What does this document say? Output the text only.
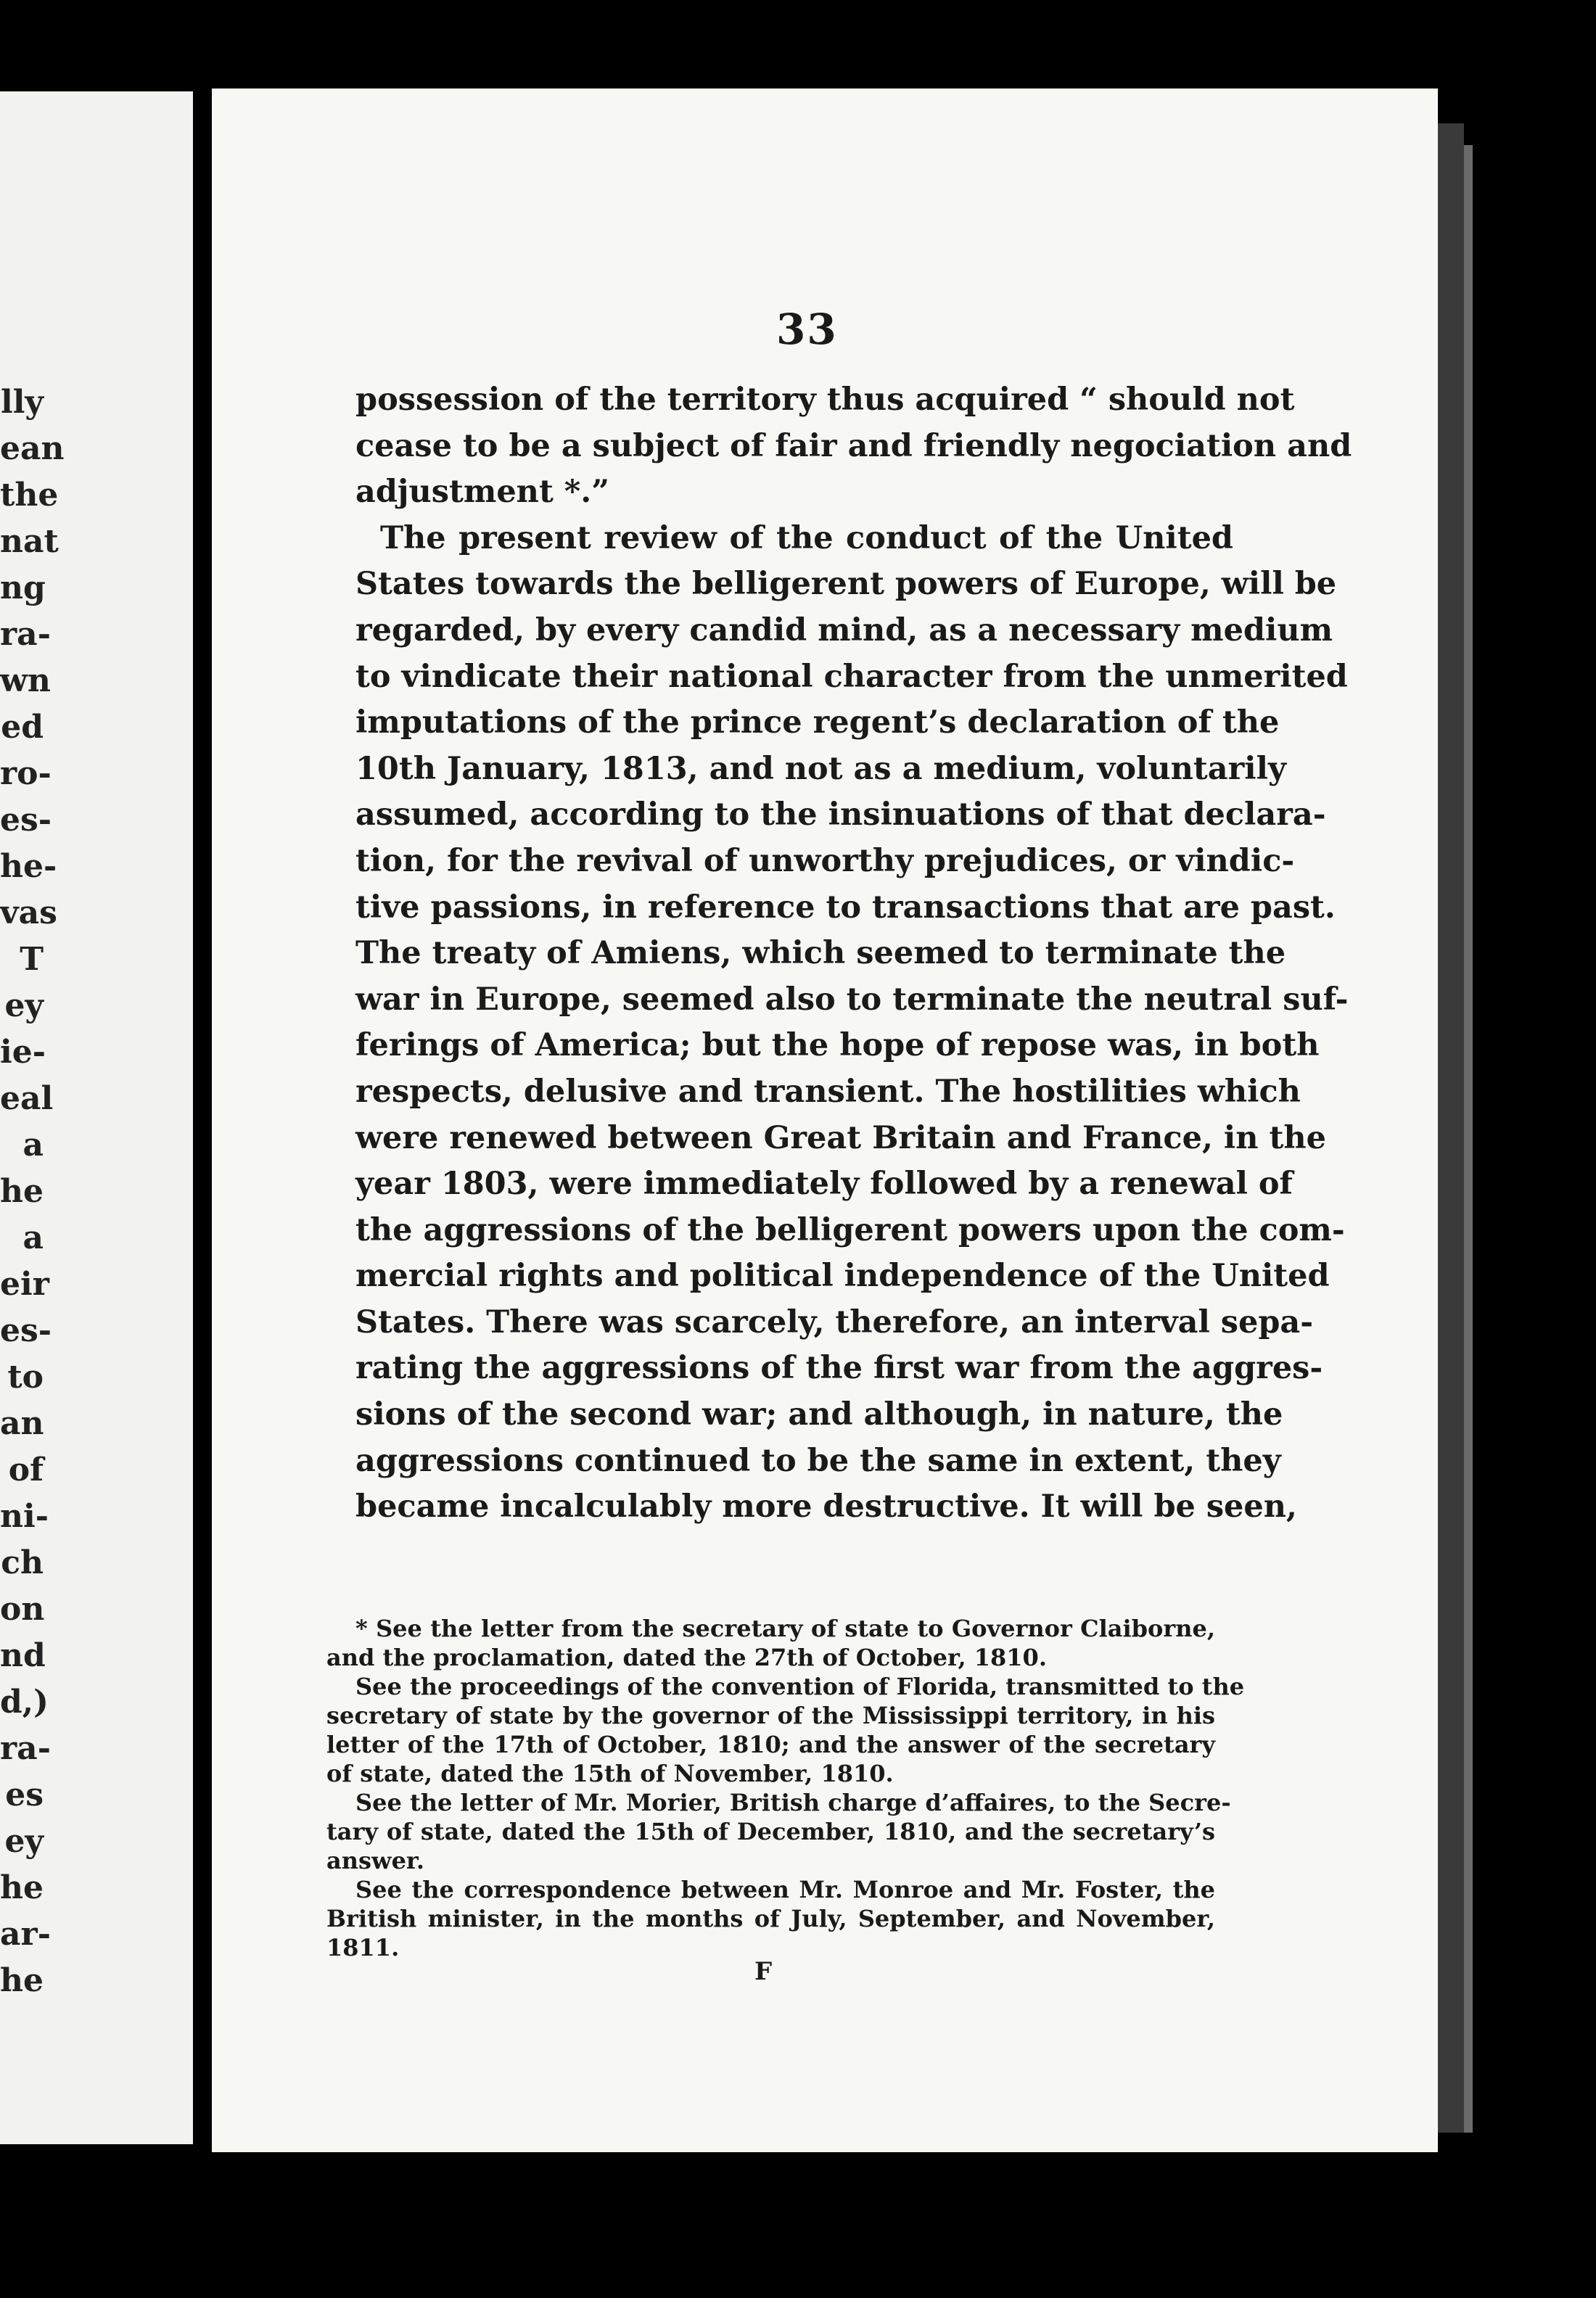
lly
ean
the
nat
ng
ra-
wn
ed
ro-
es-
he-
vas
T
ey
ie-
eal
a
he
a
eir
es-
to
an
of
ni-
ch
on
nd
d,)
ra-
es
ey
he
ar-
he
33
possession of the territory thus acquired “ should not
cease to be a subject of fair and friendly negociation and
adjustment *.”
The present review of the conduct of the United
States towards the belligerent powers of Europe, will be
regarded, by every candid mind, as a necessary medium
to vindicate their national character from the unmerited
imputations of the prince regent’s declaration of the
10th January, 1813, and not as a medium, voluntarily
assumed, according to the insinuations of that declara-
tion, for the revival of unworthy prejudices, or vindic-
tive passions, in reference to transactions that are past.
The treaty of Amiens, which seemed to terminate the
war in Europe, seemed also to terminate the neutral suf-
ferings of America; but the hope of repose was, in both
respects, delusive and transient. The hostilities which
were renewed between Great Britain and France, in the
year 1803, were immediately followed by a renewal of
the aggressions of the belligerent powers upon the com-
mercial rights and political independence of the United
States. There was scarcely, therefore, an interval sepa-
rating the aggressions of the first war from the aggres-
sions of the second war; and although, in nature, the
aggressions continued to be the same in extent, they
became incalculably more destructive. It will be seen,
* See the letter from the secretary of state to Governor Claiborne,
and the proclamation, dated the 27th of October, 1810.
See the proceedings of the convention of Florida, transmitted to the
secretary of state by the governor of the Mississippi territory, in his
letter of the 17th of October, 1810; and the answer of the secretary
of state, dated the 15th of November, 1810.
See the letter of Mr. Morier, British charge d’affaires, to the Secre-
tary of state, dated the 15th of December, 1810, and the secretary’s
answer.
See the correspondence between Mr. Monroe and Mr. Foster, the
British minister, in the months of July, September, and November,
1811.
F
